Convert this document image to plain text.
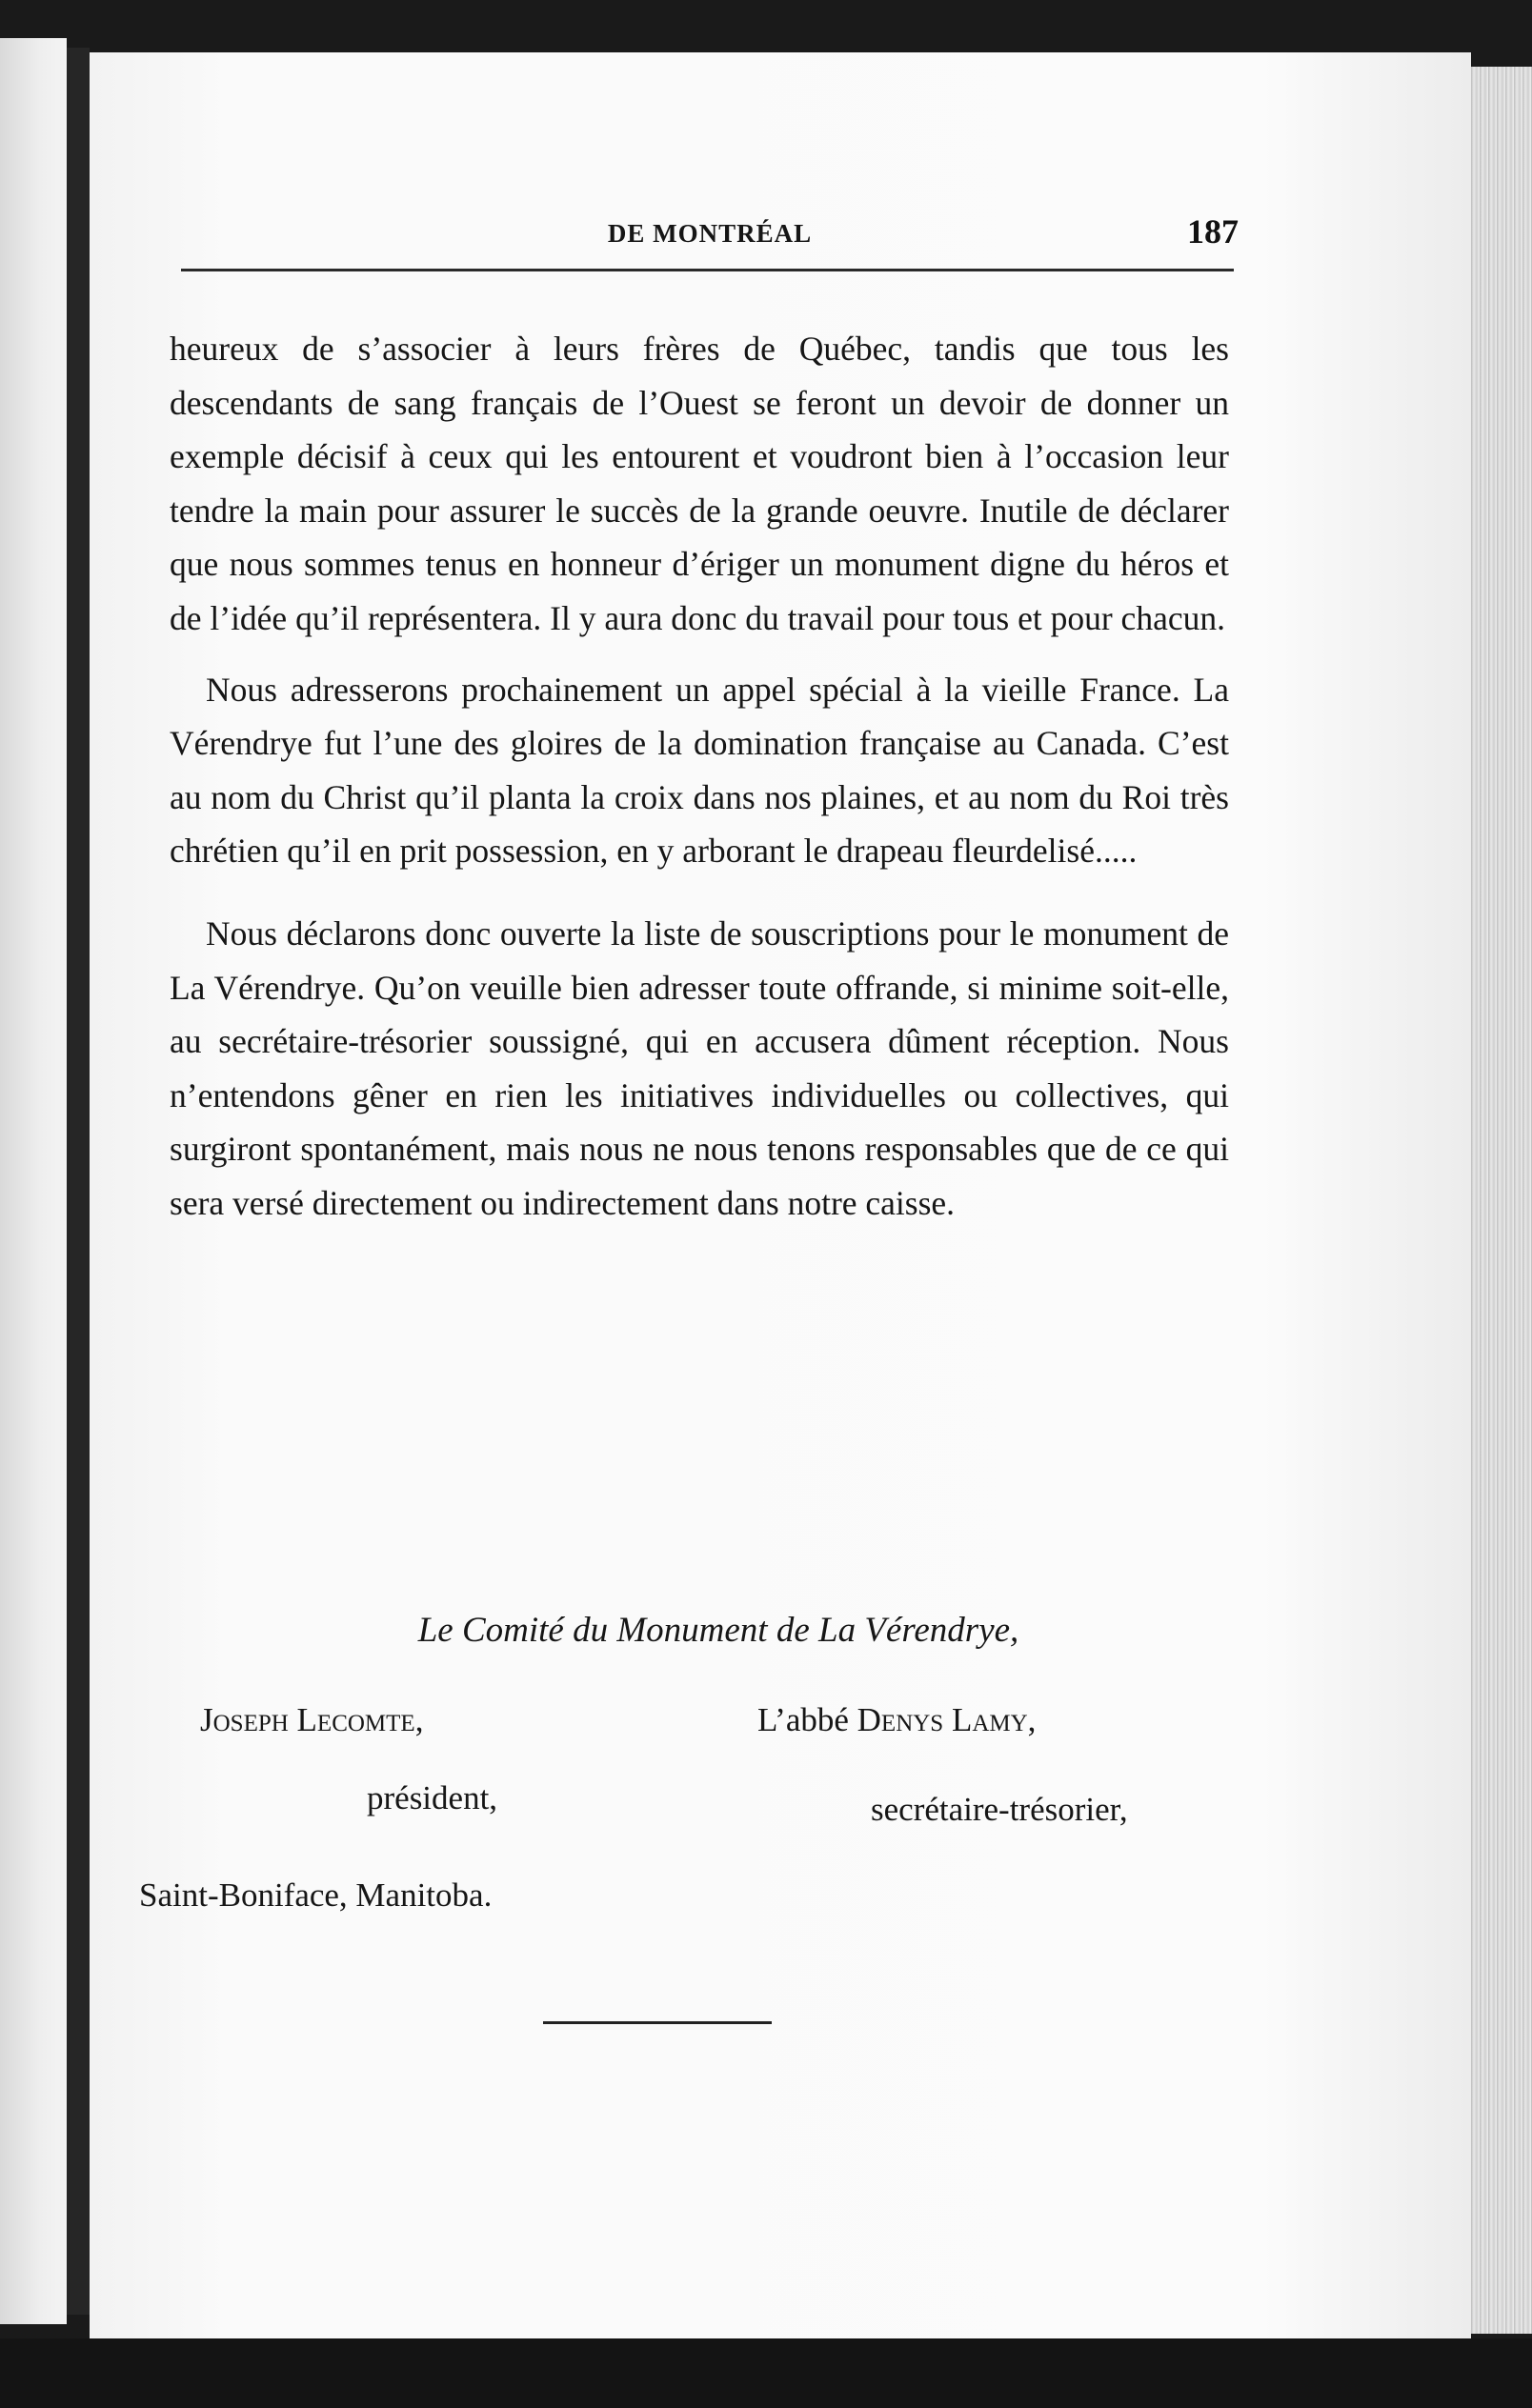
DE MONTRÉAL	187

heureux de s’associer à leurs frères de Québec, tandis que tous les descendants de sang français de l’Ouest se feront un devoir de donner un exemple décisif à ceux qui les entourent et voudront bien à l’occasion leur tendre la main pour assurer le succès de la grande oeuvre. Inutile de déclarer que nous sommes tenus en honneur d’ériger un monument digne du héros et de l’idée qu’il représentera. Il y aura donc du travail pour tous et pour chacun.

Nous adresserons prochainement un appel spécial à la vieille France. La Vérendrye fut l’une des gloires de la domination française au Canada. C’est au nom du Christ qu’il planta la croix dans nos plaines, et au nom du Roi très chrétien qu’il en prit possession, en y arborant le drapeau fleurdelisé.....

Nous déclarons donc ouverte la liste de souscriptions pour le monument de La Vérendrye. Qu’on veuille bien adresser toute offrande, si minime soit-elle, au secrétaire-trésorier soussigné, qui en accusera dûment réception. Nous n’entendons gêner en rien les initiatives individuelles ou collectives, qui surgiront spontanément, mais nous ne nous tenons responsables que de ce qui sera versé directement ou indirectement dans notre caisse.

Le Comité du Monument de La Vérendrye,
Joseph Lecomte,
président,
L’abbé Denys Lamy,
secrétaire-trésorier,
Saint-Boniface, Manitoba.
